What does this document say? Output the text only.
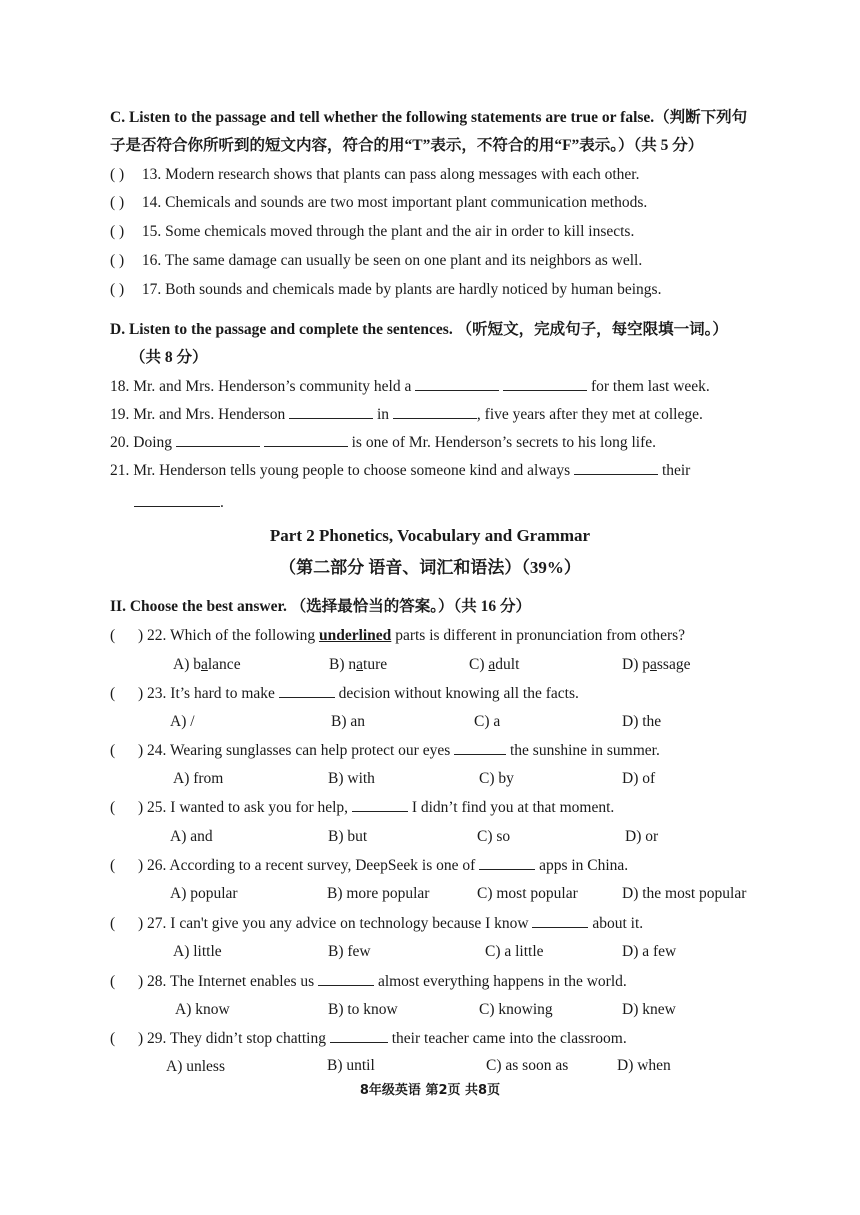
C. Listen to the passage and tell whether the following statements are true or false.（判断下列句
子是否符合你所听到的短文内容，符合的用“T”表示，不符合的用“F”表示。）（共 5 分）
( ) 13. Modern research shows that plants can pass along messages with each other.
( ) 14. Chemicals and sounds are two most important plant communication methods.
( ) 15. Some chemicals moved through the plant and the air in order to kill insects.
( ) 16. The same damage can usually be seen on one plant and its neighbors as well.
( ) 17. Both sounds and chemicals made by plants are hardly noticed by human beings.
D. Listen to the passage and complete the sentences. （听短文，完成句子，每空限填一词。）
（共 8 分）
18. Mr. and Mrs. Henderson’s community held a	for them last week.
19. Mr. and Mrs. Henderson	in	, five years after they met at college.
20. Doing	is one of Mr. Henderson’s secrets to his long life.
21. Mr. Henderson tells young people to choose someone kind and always	their
.
Part 2 Phonetics, Vocabulary and Grammar
（第二部分 语音、词汇和语法）（39%）
II. Choose the best answer. （选择最恰当的答案。）（共 16 分）
( ) 22. Which of the following underlined parts is different in pronunciation from others?
A) balance	B) nature	C) adult	D) passage
( ) 23. It’s hard to make	decision without knowing all the facts.
A) /	B) an	C) a	D) the
( ) 24. Wearing sunglasses can help protect our eyes	the sunshine in summer.
A) from	B) with	C) by	D) of
( ) 25. I wanted to ask you for help,	I didn’t find you at that moment.
A) and	B) but	C) so	D) or
( ) 26. According to a recent survey, DeepSeek is one of	apps in China.
A) popular	B) more popular	C) most popular	D) the most popular
( ) 27. I can't give you any advice on technology because I know	about it.
A) little	B) few	C) a little	D) a few
( ) 28. The Internet enables us	almost everything happens in the world.
A) know	B) to know	C) knowing	D) knew
( ) 29. They didn’t stop chatting	their teacher came into the classroom.
A) unless	B) until	C) as soon as	D) when
8年级英语 第2页 共8页
